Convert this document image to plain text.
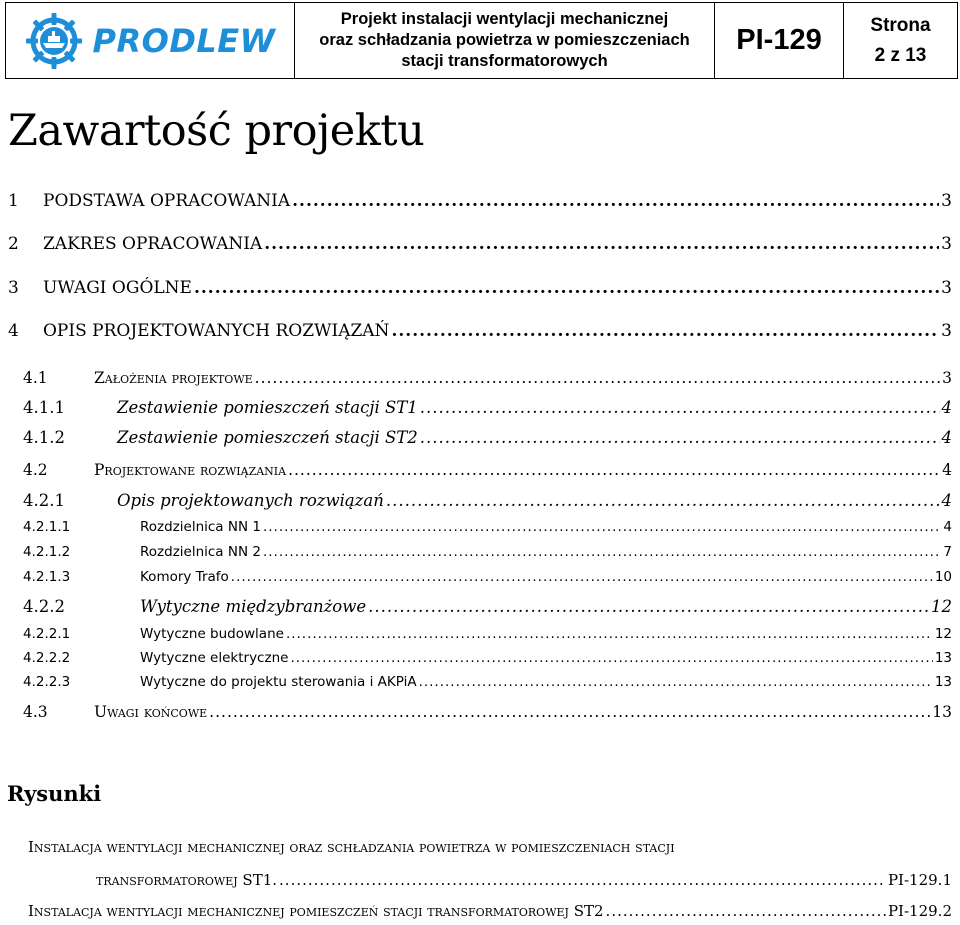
PRODLEW
Projekt instalacji wentylacji mechanicznej
oraz schładzania powietrza w pomieszczeniach
stacji transformatorowych
PI-129	Strona
2 z 13
Zawartość projektu
1	PODSTAWA OPRACOWANIA .....	3
2	ZAKRES OPRACOWANIA .....	3
3	UWAGI OGÓLNE .....	3
4	OPIS PROJEKTOWANYCH ROZWIĄZAŃ .....	3
4.1	Założenia projektowe .....	3
4.1.1	Zestawienie pomieszczeń stacji ST1 .....	4
4.1.2	Zestawienie pomieszczeń stacji ST2 .....	4
4.2	Projektowane rozwiązania .....	4
4.2.1	Opis projektowanych rozwiązań .....	4
4.2.1.1	Rozdzielnica NN 1 .....	4
4.2.1.2	Rozdzielnica NN 2 .....	7
4.2.1.3	Komory Trafo .....	10
4.2.2	Wytyczne międzybranżowe .....	12
4.2.2.1	Wytyczne budowlane .....	12
4.2.2.2	Wytyczne elektryczne .....	13
4.2.2.3	Wytyczne do projektu sterowania i AKPiA .....	13
4.3	Uwagi końcowe .....	13
Rysunki
Instalacja wentylacji mechanicznej oraz schładzania powietrza w pomieszczeniach stacji
transformatorowej ST1. .....	PI-129.1
Instalacja wentylacji mechanicznej pomieszczeń stacji transformatorowej ST2 .....	PI-129.2
